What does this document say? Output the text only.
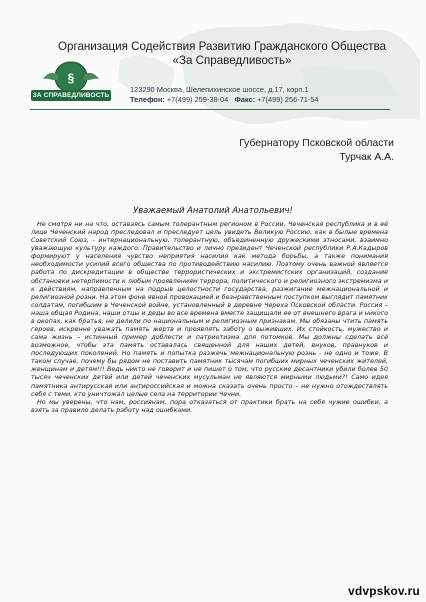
Организация Содействия Развитию Гражданского Общества
«За Справедливость»
§
ЗА СПРАВЕДЛИВОСТЬ
123290 Москва, Шелепихинское шоссе, д.17, корп.1
Телефон: +7(499) 259-38-04 Факс: +7(499) 256-71-54
Губернатору Псковской области
Турчак А.А.
Уважаемый Анатолий Анатольевич!

Не смотря ни на что, оставаясь самым толерантным регионом в России, Чеченская республика и в её лице Чеченский народ преследовал и преследует цель увидеть Великую Россию, как в былые времена Советский Союз, - интернациональную, толерантную, объединенную дружескими этносами, взаимно уважающую культуру каждого. Правительство и лично президент Чеченской республики Р.А.Кадыров формируют у населения чувство неприятия насилия как метода борьбы, а также понимания необходимости усилий всего общества по противодействию насилию. Поэтому очень важной является работа по дискредитации в обществе террористических и экстремистских организаций, создание обстановки нетерпимости к любым проявлениям террора, политического и религиозного экстремизма и к действиям, направленным на подрыв целостности государства, разжигание межнациональной и религиозной розни. На этом фоне явной провокацией и безнравственным поступком выглядит памятник солдатам, погибшим в Чеченской войне, установленный в деревне Череха Псковской области. Россия – наша общая Родина, наши отцы и деды во все времена вместе защищали ее от внешнего врага и никого в окопах, как братья, не делили по национальным и религиозным признакам. Мы обязаны чтить память героев, искренне уважать память жертв и проявлять заботу о выживших. Их стойкость, мужество и сама жизнь – истинный пример доблести и патриотизма для потомков. Мы должны сделать всё возможное, чтобы эта память оставалась священной для наших детей, внуков, правнуков и последующих поколений. Но память и попытка разжечь межнациональную рознь - не одно и тоже. В таком случае, почему бы рядом не поставить памятник тысячам погибших мирных чеченских жителей, женщинам и детям!!! Ведь никто не говорит и не пишет о том, что русские десантники убили более 50 тысяч чеченских детей или детей чеченских мусульман не являются мирными людьми?! Само идея памятника антирусская или антироссийская и можна сказать очень просто – не нужно отождествлять себя с теми, кто уничтожал целые села на территории Чечни.

Но мы уверены, что нам, россиянам, пора отказаться от практики брать на себя чужие ошибки, а взять за правило делать работу над ошибками.

vdvpskov.ru
